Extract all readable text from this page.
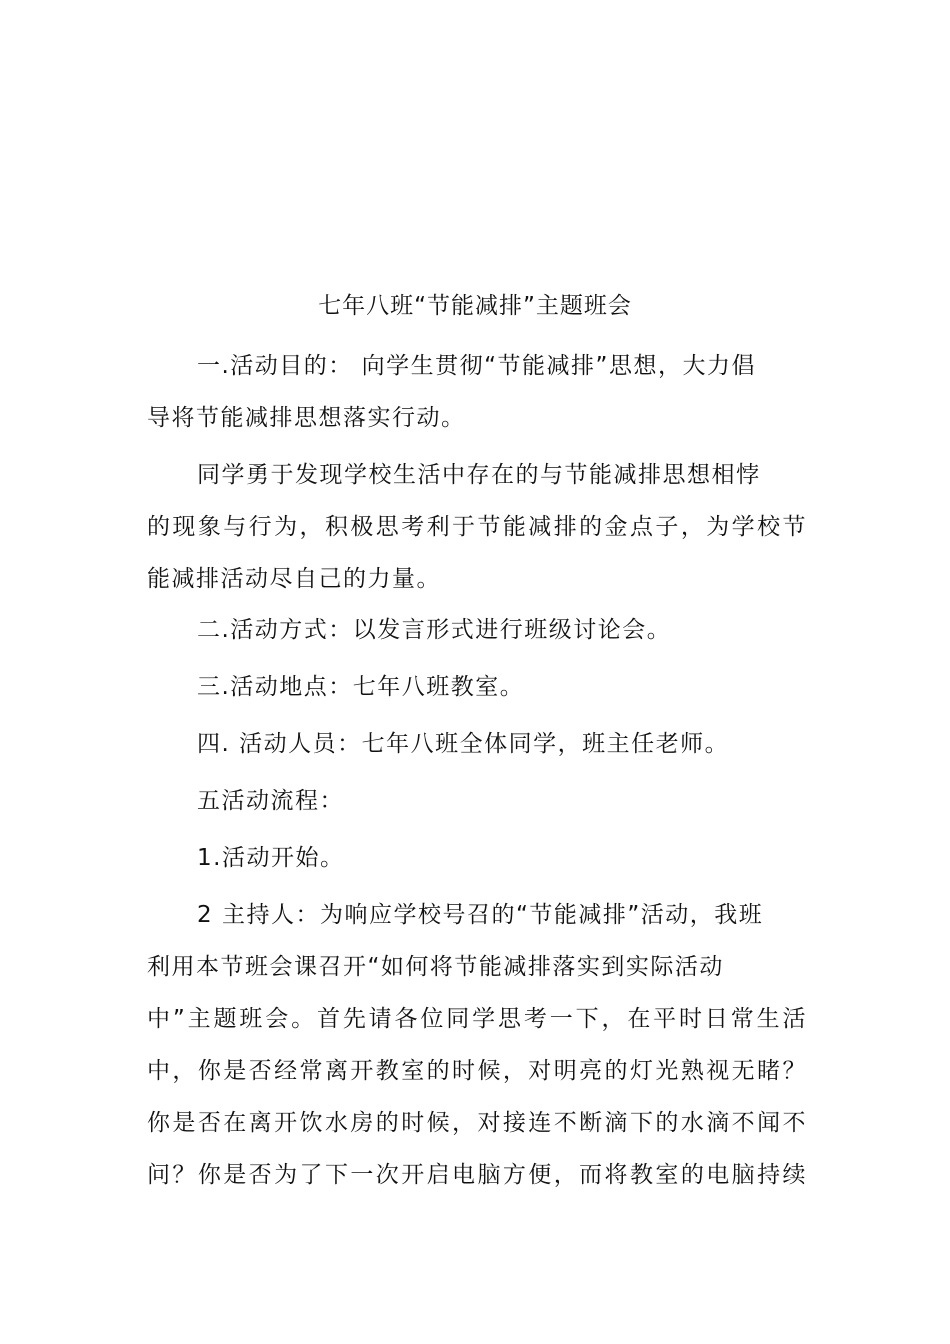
七年八班“节能减排”主题班会
一.活动目的： 向学生贯彻“节能减排”思想，大力倡
导将节能减排思想落实行动。
同学勇于发现学校生活中存在的与节能减排思想相悖
的现象与行为，积极思考利于节能减排的金点子，为学校节
能减排活动尽自己的力量。
二.活动方式：以发言形式进行班级讨论会。
三.活动地点：七年八班教室。
四. 活动人员：七年八班全体同学，班主任老师。
五活动流程：
1.活动开始。
2 主持人：为响应学校号召的“节能减排”活动，我班
利用本节班会课召开“如何将节能减排落实到实际活动
中”主题班会。首先请各位同学思考一下，在平时日常生活
中，你是否经常离开教室的时候，对明亮的灯光熟视无睹？
你是否在离开饮水房的时候，对接连不断滴下的水滴不闻不
问？你是否为了下一次开启电脑方便，而将教室的电脑持续
